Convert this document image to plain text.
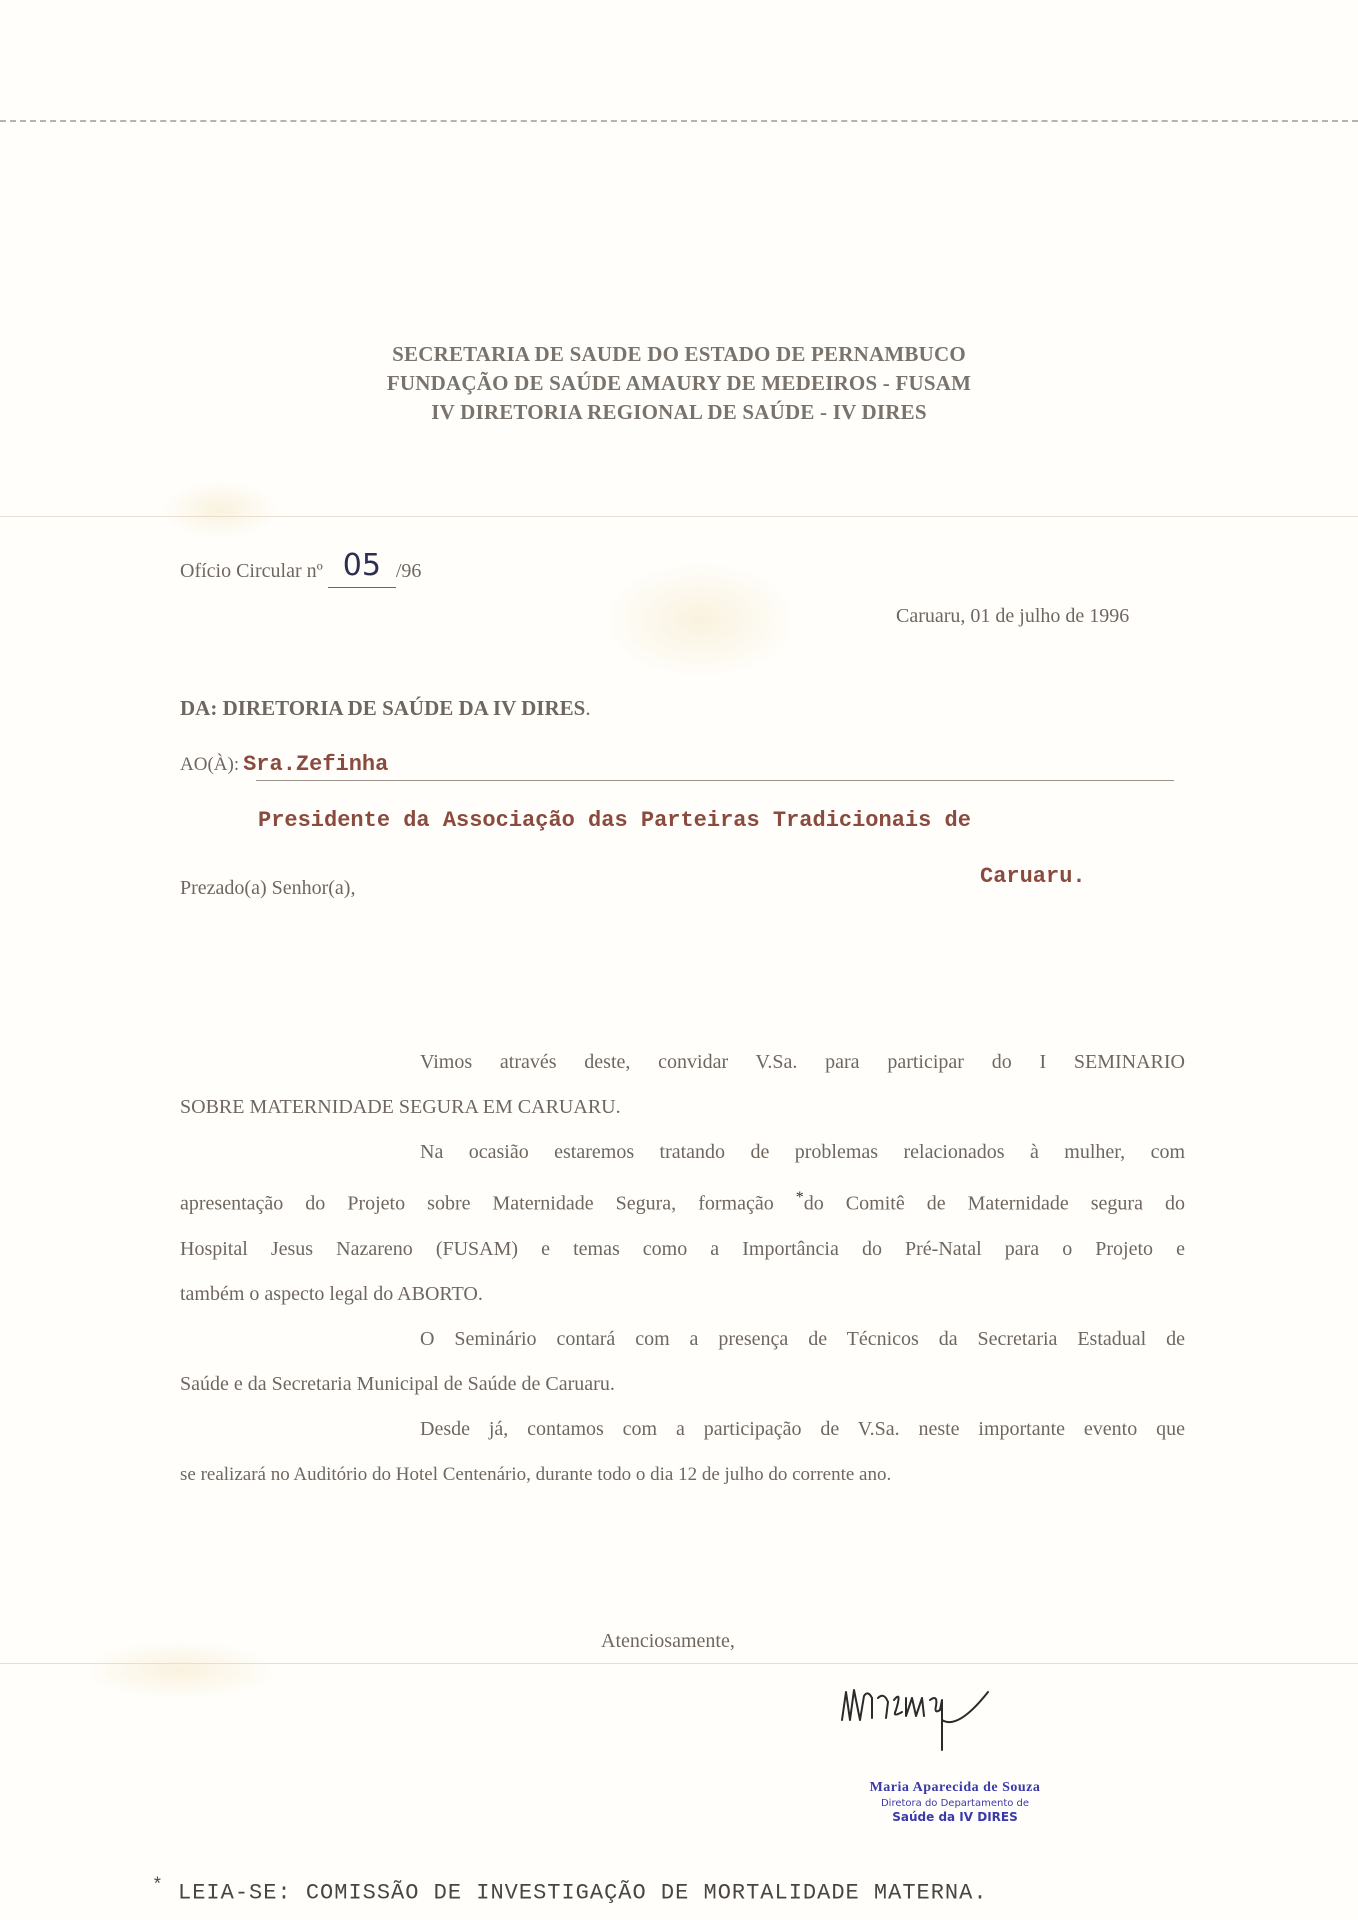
SECRETARIA DE SAUDE DO ESTADO DE PERNAMBUCO
FUNDAÇÃO DE SAÚDE AMAURY DE MEDEIROS - FUSAM
IV DIRETORIA REGIONAL DE SAÚDE - IV DIRES
Ofício Circular nº 05 /96
Caruaru, 01 de julho de 1996
DA: DIRETORIA DE SAÚDE DA IV DIRES.
AO(À): Sra.Zefinha
Presidente da Associação das Parteiras Tradicionais de
Caruaru.
Prezado(a) Senhor(a),
Vimos através deste, convidar V.Sa. para participar do I SEMINARIO
SOBRE MATERNIDADE SEGURA EM CARUARU.
Na ocasião estaremos tratando de problemas relacionados à mulher, com
apresentação do Projeto sobre Maternidade Segura, formação *do Comitê de Maternidade segura do
Hospital Jesus Nazareno (FUSAM) e temas como a Importância do Pré-Natal para o Projeto e
também o aspecto legal do ABORTO.
O Seminário contará com a presença de Técnicos da Secretaria Estadual de
Saúde e da Secretaria Municipal de Saúde de Caruaru.
Desde já, contamos com a participação de V.Sa. neste importante evento que
se realizará no Auditório do Hotel Centenário, durante todo o dia 12 de julho do corrente ano.
Atenciosamente,
Maria Aparecida de Souza
Diretora do Departamento de
Saúde da IV DIRES
* LEIA-SE: COMISSÃO DE INVESTIGAÇÃO DE MORTALIDADE MATERNA.
